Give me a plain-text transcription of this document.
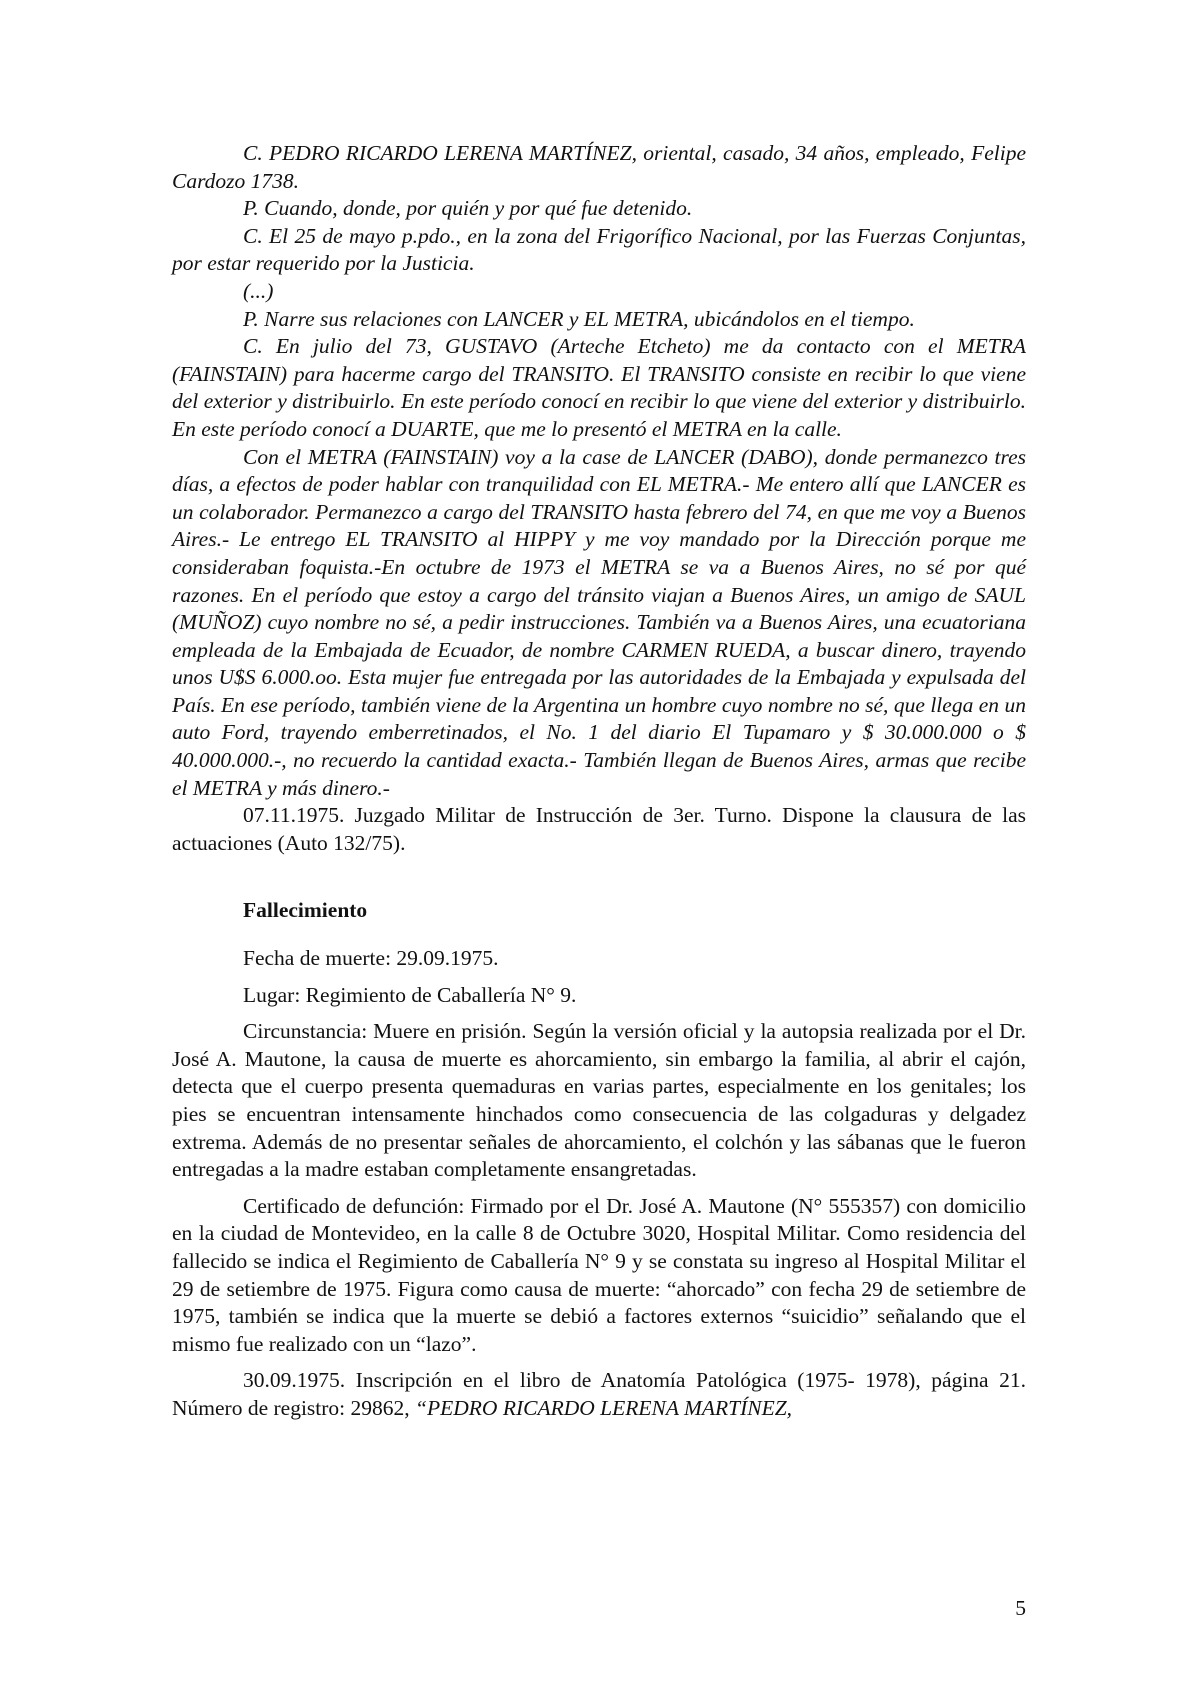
C. PEDRO RICARDO LERENA MARTÍNEZ, oriental, casado, 34 años, empleado, Felipe Cardozo 1738.

P. Cuando, donde, por quién y por qué fue detenido.

C. El 25 de mayo p.pdo., en la zona del Frigorífico Nacional, por las Fuerzas Conjuntas, por estar requerido por la Justicia.

(...)

P. Narre sus relaciones con LANCER y EL METRA, ubicándolos en el tiempo.

C. En julio del 73, GUSTAVO (Arteche Etcheto) me da contacto con el METRA (FAINSTAIN) para hacerme cargo del TRANSITO. El TRANSITO consiste en recibir lo que viene del exterior y distribuirlo. En este período conocí en recibir lo que viene del exterior y distribuirlo. En este período conocí a DUARTE, que me lo presentó el METRA en la calle.

Con el METRA (FAINSTAIN) voy a la case de LANCER (DABO), donde permanezco tres días, a efectos de poder hablar con tranquilidad con EL METRA.- Me entero allí que LANCER es un colaborador. Permanezco a cargo del TRANSITO hasta febrero del 74, en que me voy a Buenos Aires.- Le entrego EL TRANSITO al HIPPY y me voy mandado por la Dirección porque me consideraban foquista.-En octubre de 1973 el METRA se va a Buenos Aires, no sé por qué razones. En el período que estoy a cargo del tránsito viajan a Buenos Aires, un amigo de SAUL (MUÑOZ) cuyo nombre no sé, a pedir instrucciones. También va a Buenos Aires, una ecuatoriana empleada de la Embajada de Ecuador, de nombre CARMEN RUEDA, a buscar dinero, trayendo unos U$S 6.000.oo. Esta mujer fue entregada por las autoridades de la Embajada y expulsada del País. En ese período, también viene de la Argentina un hombre cuyo nombre no sé, que llega en un auto Ford, trayendo emberretinados, el No. 1 del diario El Tupamaro y $ 30.000.000 o $ 40.000.000.-, no recuerdo la cantidad exacta.- También llegan de Buenos Aires, armas que recibe el METRA y más dinero.-

07.11.1975. Juzgado Militar de Instrucción de 3er. Turno. Dispone la clausura de las actuaciones (Auto 132/75).

Fallecimiento

Fecha de muerte: 29.09.1975.

Lugar: Regimiento de Caballería N° 9.

Circunstancia: Muere en prisión. Según la versión oficial y la autopsia realizada por el Dr. José A. Mautone, la causa de muerte es ahorcamiento, sin embargo la familia, al abrir el cajón, detecta que el cuerpo presenta quemaduras en varias partes, especialmente en los genitales; los pies se encuentran intensamente hinchados como consecuencia de las colgaduras y delgadez extrema. Además de no presentar señales de ahorcamiento, el colchón y las sábanas que le fueron entregadas a la madre estaban completamente ensangretadas.

Certificado de defunción: Firmado por el Dr. José A. Mautone (N° 555357) con domicilio en la ciudad de Montevideo, en la calle 8 de Octubre 3020, Hospital Militar. Como residencia del fallecido se indica el Regimiento de Caballería N° 9 y se constata su ingreso al Hospital Militar el 29 de setiembre de 1975. Figura como causa de muerte: “ahorcado” con fecha 29 de setiembre de 1975, también se indica que la muerte se debió a factores externos “suicidio” señalando que el mismo fue realizado con un “lazo”.

30.09.1975. Inscripción en el libro de Anatomía Patológica (1975- 1978), página 21. Número de registro: 29862, “PEDRO RICARDO LERENA MARTÍNEZ,

5
